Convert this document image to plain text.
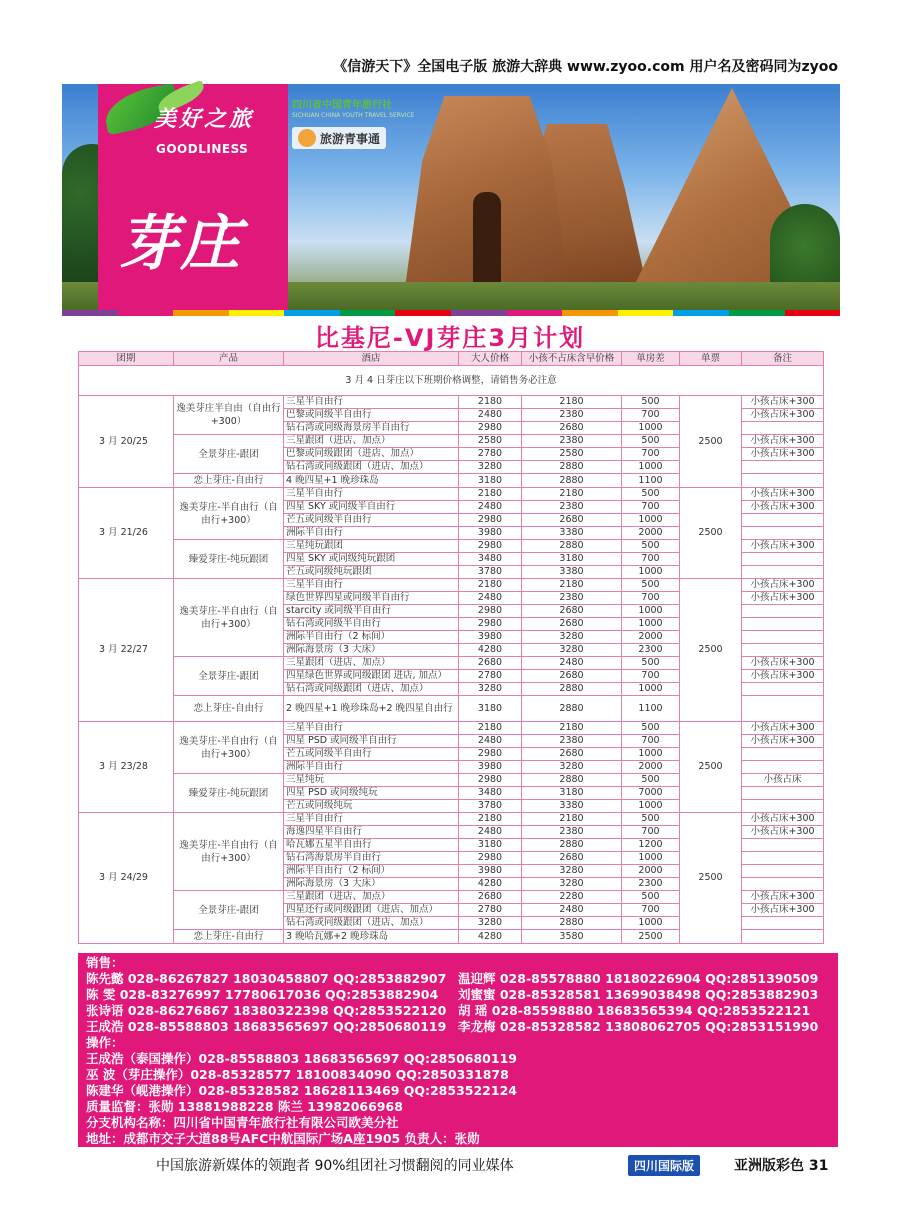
《信游天下》全国电子版 旅游大辞典 www.zyoo.com 用户名及密码同为zyoo
美好之旅
GOODLINESS
芽庄
四川省中国青年旅行社
SICHUAN CHINA YOUTH TRAVEL SERVICE
旅游青事通
比基尼-VJ芽庄3月计划
团期	产品	酒店	大人价格	小孩不占床含早价格	单房差	单票	备注
3 月 4 日芽庄以下班期价格调整，请销售务必注意							
3 月 20/25	逸美芽庄半自由（自由行+300）	三星半自由行	2180	2180	500	2500	小孩占床+300
		巴黎或同级半自由行	2480	2380	700		小孩占床+300
		钻石湾或同级海景房半自由行	2980	2680	1000		
	全景芽庄-跟团	三星跟团（进店、加点）	2580	2380	500		小孩占床+300
		巴黎或同级跟团（进店、加点）	2780	2580	700		小孩占床+300
		钻石湾或同级跟团（进店、加点）	3280	2880	1000		
	恋上芽庄-自由行	4 晚四星+1 晚珍珠岛	3180	2880	1100		
3 月 21/26	逸美芽庄-半自由行（自由行+300）	三星半自由行	2180	2180	500	2500	小孩占床+300
		四星 SKY 或同级半自由行	2480	2380	700		小孩占床+300
		芒五或同级半自由行	2980	2680	1000		
		洲际半自由行	3980	3380	2000		
	臻爱芽庄-纯玩跟团	三星纯玩跟团	2980	2880	500		小孩占床+300
		四星 SKY 或同级纯玩跟团	3480	3180	700		
		芒五或同级纯玩跟团	3780	3380	1000		
3 月 22/27	逸美芽庄-半自由行（自由行+300）	三星半自由行	2180	2180	500	2500	小孩占床+300
		绿色世界四星或同级半自由行	2480	2380	700		小孩占床+300
		starcity 或同级半自由行	2980	2680	1000		
		钻石湾或同级半自由行	2980	2680	1000		
		洲际半自由行（2 标间）	3980	3280	2000		
		洲际海景房（3 大床）	4280	3280	2300		
	全景芽庄-跟团	三星跟团（进店、加点）	2680	2480	500		小孩占床+300
		四星绿色世界或同级跟团 进店, 加点）	2780	2680	700		小孩占床+300
		钻石湾或同级跟团（进店、加点）	3280	2880	1000		
	恋上芽庄-自由行	2 晚四星+1 晚珍珠岛+2 晚四星自由行	3180	2880	1100		
3 月 23/28	逸美芽庄-半自由行（自由行+300）	三星半自由行	2180	2180	500	2500	小孩占床+300
		四星 PSD 或同级半自由行	2480	2380	700		小孩占床+300
		芒五或同级半自由行	2980	2680	1000		
		洲际半自由行	3980	3280	2000		
	臻爱芽庄-纯玩跟团	三星纯玩	2980	2880	500		小孩占床
		四星 PSD 或同级纯玩	3480	3180	7000		
		芒五或同级纯玩	3780	3380	1000		
3 月 24/29	逸美芽庄-半自由行（自由行+300）	三星半自由行	2180	2180	500	2500	小孩占床+300
		海逸四星半自由行	2480	2380	700		小孩占床+300
		哈瓦娜五星半自由行	3180	2880	1200		
		钻石湾海景房半自由行	2980	2680	1000		
		洲际半自由行（2 标间）	3980	3280	2000		
		洲际海景房（3 大床）	4280	3280	2300		
	全景芽庄-跟团	三星跟团（进店、加点）	2680	2280	500		小孩占床+300
		四星还行或同级跟团（进店、加点）	2780	2480	700		小孩占床+300
		钻石湾或同级跟团（进店、加点）	3280	2880	1000		
	恋上芽庄-自由行	3 晚哈瓦娜+2 晚珍珠岛	4280	3580	2500		
销售：
陈先懿 028-86267827 18030458807 QQ:2853882907 温迎辉 028-85578880 18180226904 QQ:2851390509
陈 雯 028-83276997 17780617036 QQ:2853882904 刘蜜蜜 028-85328581 13699038498 QQ:2853882903
张诗语 028-86276867 18380322398 QQ:2853522120 胡 瑶 028-85598880 18683565394 QQ:2853522121
王成浩 028-85588803 18683565697 QQ:2850680119 李龙梅 028-85328582 13808062705 QQ:2853151990
操作：
王成浩（泰国操作）028-85588803 18683565697 QQ:2850680119
巫 波（芽庄操作）028-85328577 18100834090 QQ:2850331878
陈建华（岘港操作）028-85328582 18628113469 QQ:2853522124
质量监督：张勋 13881988228 陈兰 13982066968
分支机构名称：四川省中国青年旅行社有限公司欧美分社
地址：成都市交子大道88号AFC中航国际广场A座1905 负责人：张勋
中国旅游新媒体的领跑者 90%组团社习惯翻阅的同业媒体	四川国际版	亚洲版彩色 31
